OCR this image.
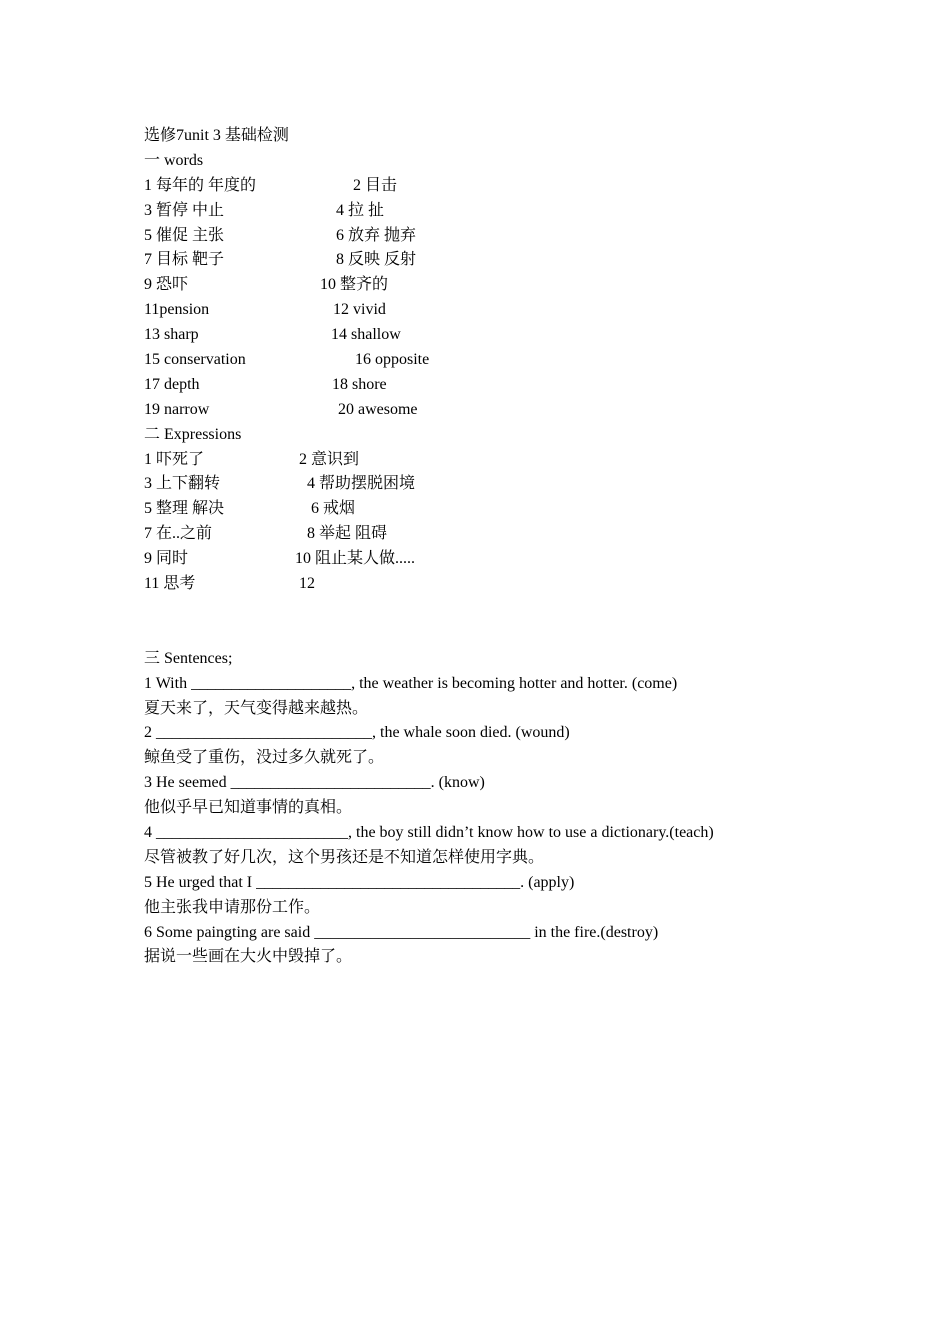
选修7unit 3 基础检测
一 words
1 每年的 年度的	2 目击
3 暂停 中止	4 拉 扯
5 催促 主张	6 放弃 抛弃
7 目标 靶子	8 反映 反射
9 恐吓	10 整齐的
11pension	12 vivid
13 sharp	14 shallow
15 conservation	16 opposite
17 depth	18 shore
19 narrow	20 awesome
二 Expressions
1 吓死了	2 意识到
3 上下翻转	4 帮助摆脱困境
5 整理 解决	6 戒烟
7 在..之前	8 举起 阻碍
9 同时	10 阻止某人做.....
11 思考	12
三 Sentences;
1 With ____________________, the weather is becoming hotter and hotter. (come)
夏天来了，天气变得越来越热。
2 ___________________________, the whale soon died. (wound)
鲸鱼受了重伤，没过多久就死了。
3 He seemed _________________________. (know)
他似乎早已知道事情的真相。
4 ________________________, the boy still didn’t know how to use a dictionary.(teach)
尽管被教了好几次，这个男孩还是不知道怎样使用字典。
5 He urged that I _________________________________. (apply)
他主张我申请那份工作。
6 Some paingting are said ___________________________ in the fire.(destroy)
据说一些画在大火中毁掉了。
